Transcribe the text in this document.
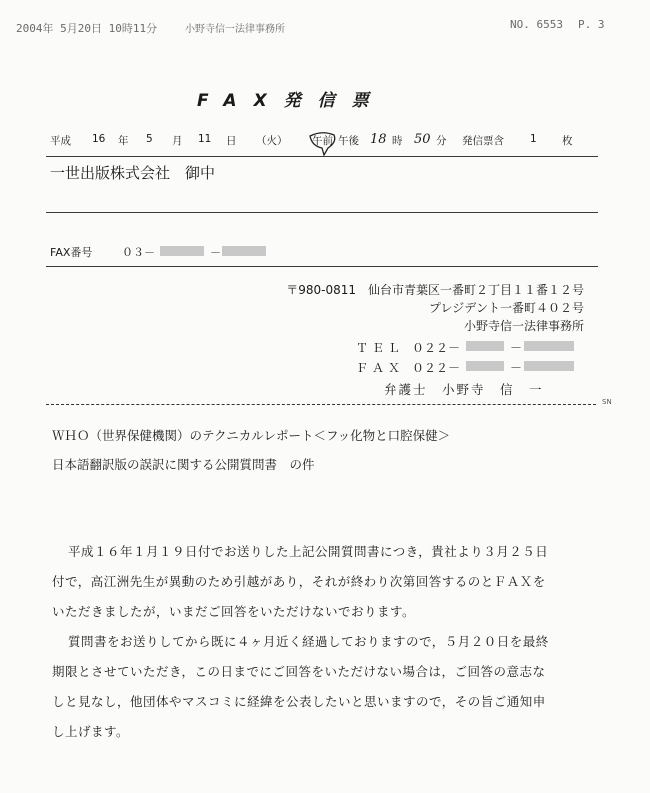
2004年 5月20日 10時11分	小野寺信一法律事務所	NO. 6553 P. 3
FAX発信票
平成 16 年 5 月 11 日 （火） 午前 午後 18 時 50 分 発信票含 1 枚
一世出版株式会社　御中
FAX番号	０３－	－
〒980-0811　仙台市青葉区一番町２丁目１１番１２号
プレジデント一番町４０２号
小野寺信一法律事務所
ＴＥＬ ０２２－	－
ＦＡＸ ０２２－	－
弁護士　小野寺　信　一
SN
ＷＨＯ（世界保健機関）のテクニカルレポート＜フッ化物と口腔保健＞
日本語翻訳版の誤訳に関する公開質問書　の件
平成１６年１月１９日付でお送りした上記公開質問書につき，貴社より３月２５日
付で，高江洲先生が異動のため引越があり，それが終わり次第回答するのとＦＡＸを
いただきましたが，いまだご回答をいただけないでおります。
質問書をお送りしてから既に４ヶ月近く経過しておりますので，５月２０日を最終
期限とさせていただき，この日までにご回答をいただけない場合は，ご回答の意志な
しと見なし，他団体やマスコミに経緯を公表したいと思いますので，その旨ご通知申
し上げます。
